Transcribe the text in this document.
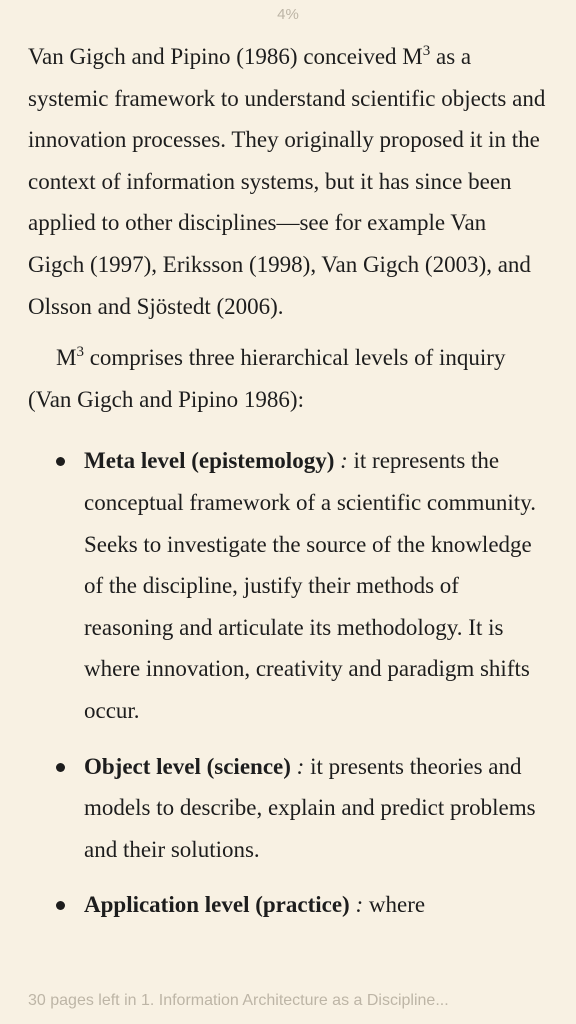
4%

Van Gigch and Pipino (1986) conceived $M^3$ as a systemic framework to understand scientific objects and innovation processes. They originally proposed it in the context of information systems, but it has since been applied to other disciplines—see for example Van Gigch (1997), Eriksson (1998), Van Gigch (2003), and Olsson and Sjöstedt (2006).

$M^3$ comprises three hierarchical levels of inquiry (Van Gigch and Pipino 1986):

Meta level (epistemology) : it represents the conceptual framework of a scientific community. Seeks to investigate the source of the knowledge of the discipline, justify their methods of reasoning and articulate its methodology. It is where innovation, creativity and paradigm shifts occur.
Object level (science) : it presents theories and models to describe, explain and predict problems and their solutions.
Application level (practice) : where
30 pages left in 1. Information Architecture as a Discipline...
